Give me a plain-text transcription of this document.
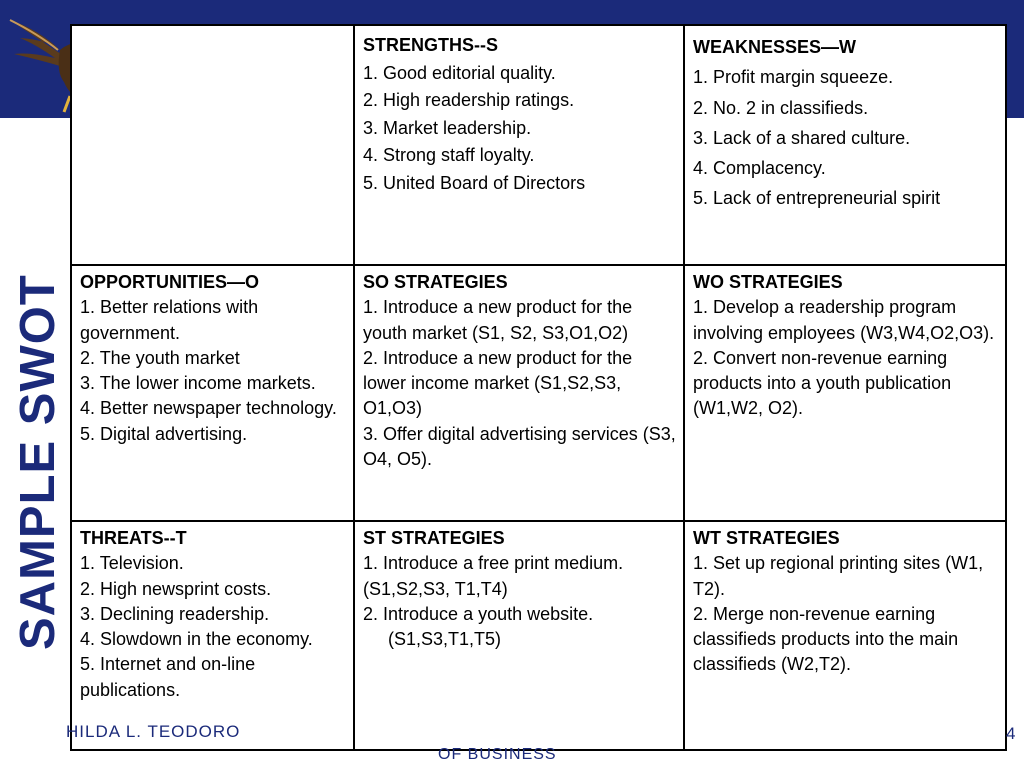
SAMPLE SWOT
STRENGTHS--S
1. Good editorial quality.
2. High readership ratings.
3. Market leadership.
4. Strong staff loyalty.
5. United Board of Directors
WEAKNESSES—W
1. Profit margin squeeze.
2. No. 2 in classifieds.
3. Lack of a shared culture.
4. Complacency.
5. Lack of entrepreneurial spirit
OPPORTUNITIES—O
1. Better relations with government.
2. The youth market
3. The lower income markets.
4. Better newspaper technology.
5. Digital advertising.
SO STRATEGIES
1. Introduce a new product for the youth market (S1, S2, S3,O1,O2)
2. Introduce a new product for the lower income market (S1,S2,S3, O1,O3)
3. Offer digital advertising services (S3, O4, O5).
WO STRATEGIES
1. Develop a readership program involving employees (W3,W4,O2,O3).
2. Convert non-revenue earning products into a youth publication (W1,W2, O2).
THREATS--T
1. Television.
2. High newsprint costs.
3. Declining readership.
4. Slowdown in the economy.
5. Internet and on-line publications.
ST STRATEGIES
1. Introduce a free print medium. (S1,S2,S3, T1,T4)
2. Introduce a youth website.
(S1,S3,T1,T5)
WT STRATEGIES
1. Set up regional printing sites (W1, T2).
2. Merge non-revenue earning classifieds products into the main classifieds (W2,T2).
HILDA L. TEODORO
OF BUSINESS
4
